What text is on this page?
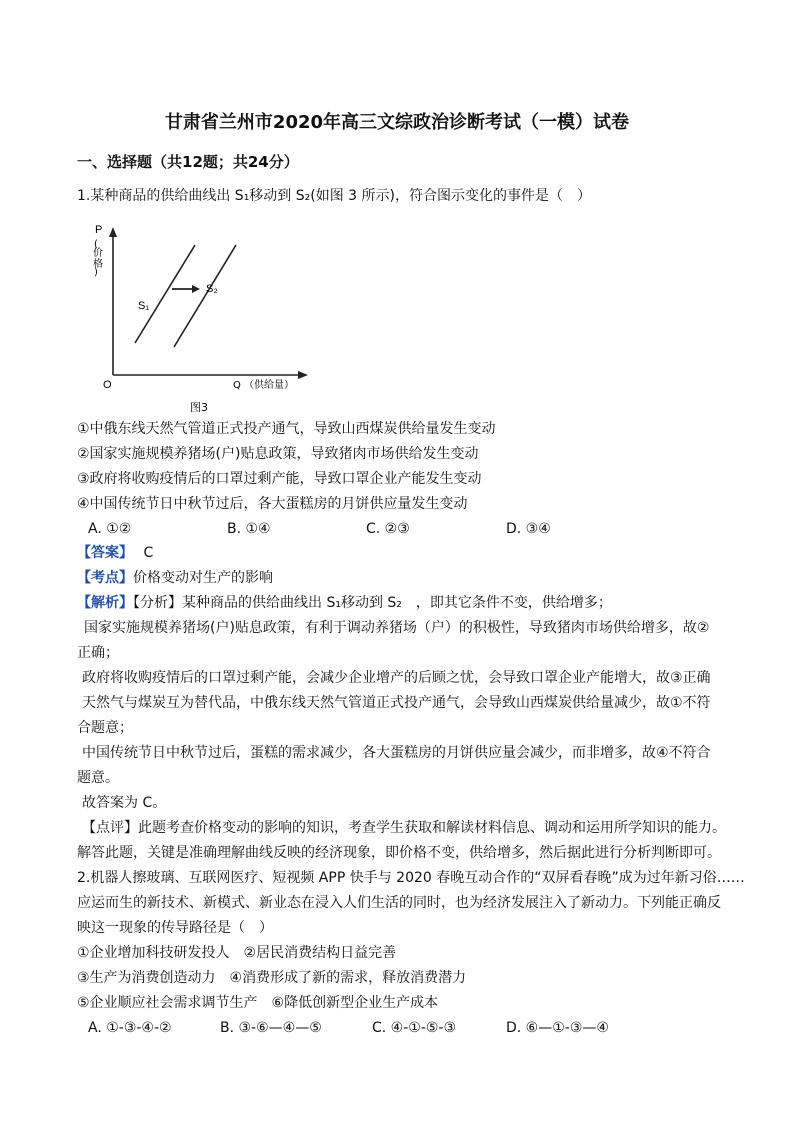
甘肃省兰州市2020年高三文综政治诊断考试（一模）试卷
一、选择题（共12题；共24分）
1.某种商品的供给曲线出 S₁移动到 S₂(如图 3 所示)，符合图示变化的事件是（　）
P
(
价
格
)
S₁
S₂
O	Q （供给量）
图3
①中俄东线天然气管道正式投产通气，导致山西煤炭供给量发生变动
②国家实施规模养猪场(户)贴息政策，导致猪肉市场供给发生变动
③政府将收购疫情后的口罩过剩产能，导致口罩企业产能发生变动
④中国传统节日中秋节过后，各大蛋糕房的月饼供应量发生变动
A. ①②	B. ①④	C. ②③	D. ③④
【答案】 C
【考点】价格变动对生产的影响
【解析】【分析】某种商品的供给曲线出 S₁移动到 S₂　，即其它条件不变，供给增多；
国家实施规模养猪场(户)贴息政策，有利于调动养猪场（户）的积极性，导致猪肉市场供给增多，故②
正确；
政府将收购疫情后的口罩过剩产能，会减少企业增产的后顾之忧，会导致口罩企业产能增大，故③正确
天然气与煤炭互为替代品，中俄东线天然气管道正式投产通气，会导致山西煤炭供给量减少，故①不符
合题意；
中国传统节日中秋节过后，蛋糕的需求减少，各大蛋糕房的月饼供应量会减少，而非增多，故④不符合
题意。
故答案为 C。
【点评】此题考查价格变动的影响的知识，考查学生获取和解读材料信息、调动和运用所学知识的能力。
解答此题，关键是准确理解曲线反映的经济现象，即价格不变，供给增多，然后据此进行分析判断即可。
2.机器人擦玻璃、互联网医疗、短视频 APP 快手与 2020 春晚互动合作的“双屏看春晚”成为过年新习俗……
应运而生的新技术、新模式、新业态在浸入人们生活的同时，也为经济发展注入了新动力。下列能正确反
映这一现象的传导路径是（　）
①企业增加科技研发投人　②居民消费结构日益完善
③生产为消费创造动力　④消费形成了新的需求，释放消费潜力
⑤企业顺应社会需求调节生产　⑥降低创新型企业生产成本
A. ①-③-④-②	B. ③-⑥—④—⑤	C. ④-①-⑤-③	D. ⑥—①-③—④
